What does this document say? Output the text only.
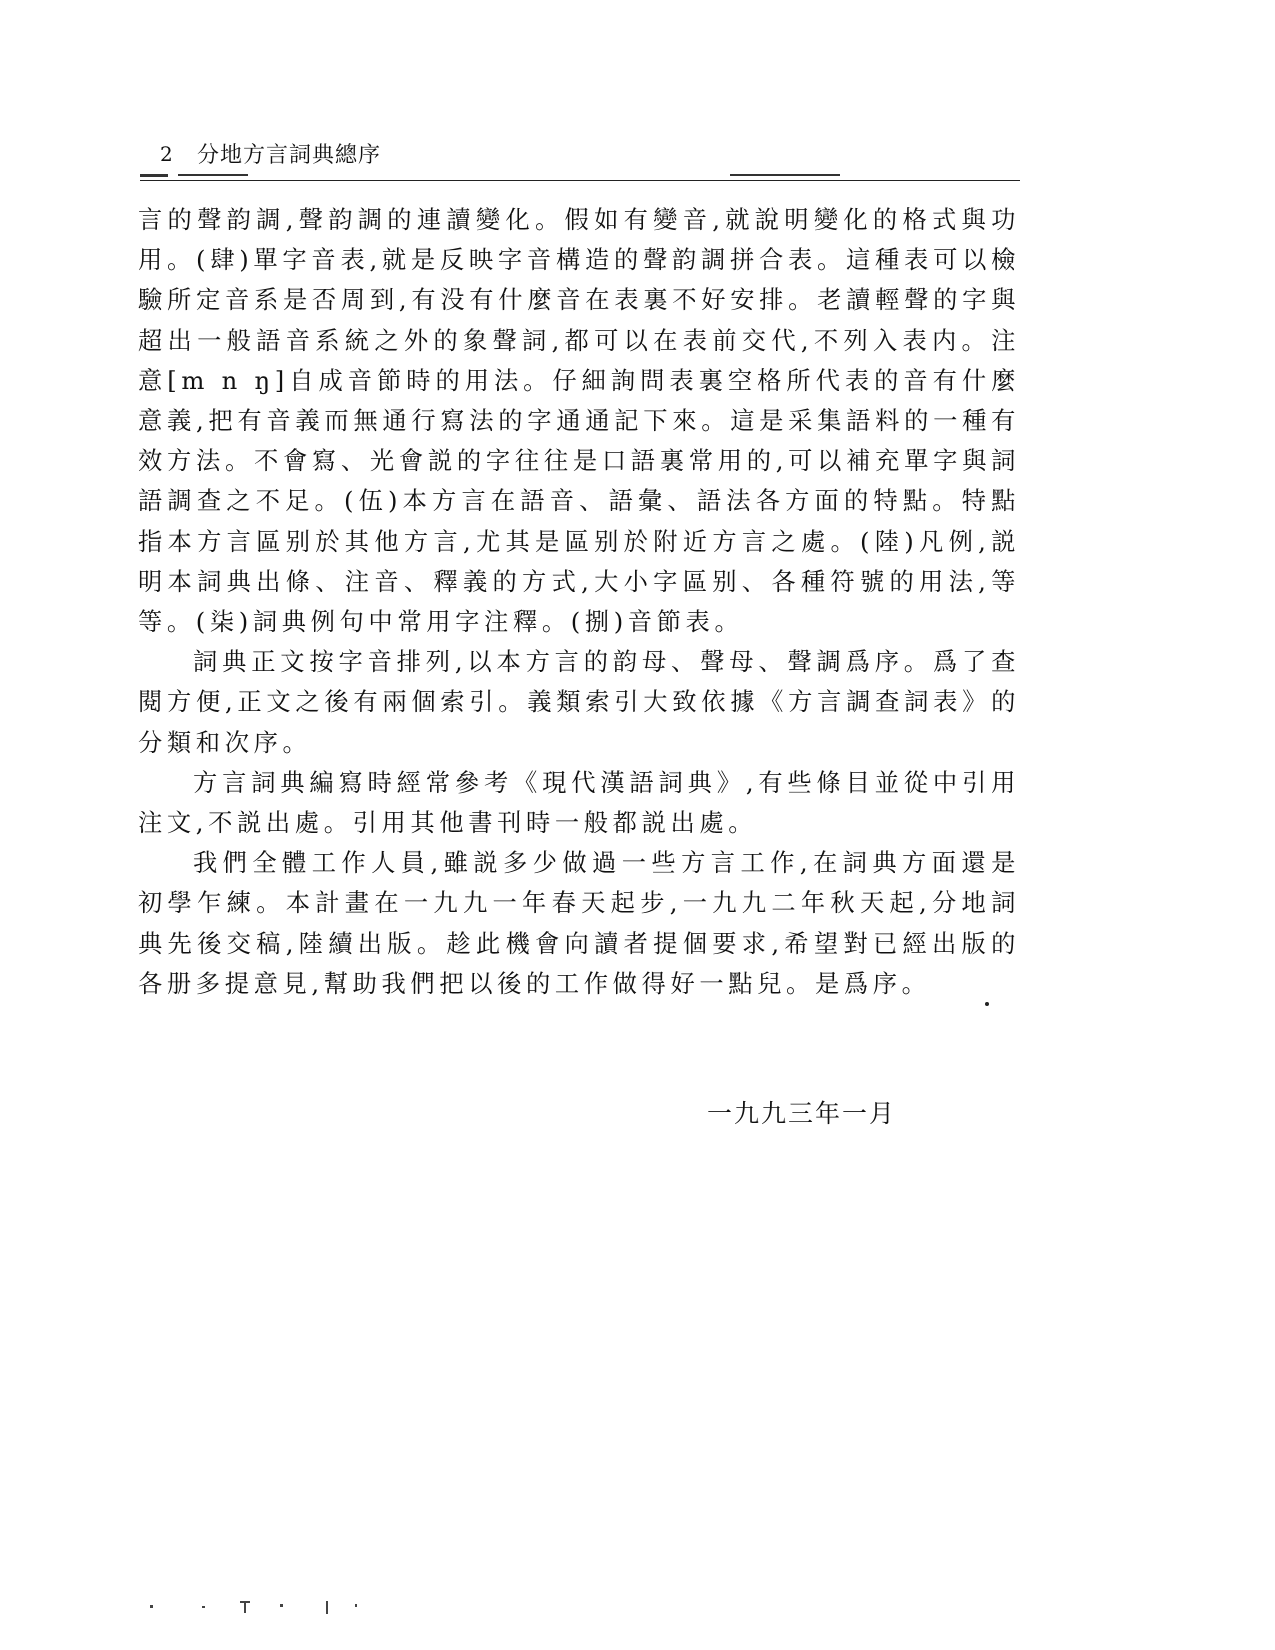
2 分地方言詞典總序

言的聲韵調,聲韵調的連讀變化。假如有變音,就說明變化的格式與功用。(肆)單字音表,就是反映字音構造的聲韵調拼合表。這種表可以檢驗所定音系是否周到,有没有什麼音在表裏不好安排。老讀輕聲的字與超出一般語音系統之外的象聲詞,都可以在表前交代,不列入表内。注意[m n ŋ]自成音節時的用法。仔細詢問表裏空格所代表的音有什麼意義,把有音義而無通行寫法的字通通記下來。這是采集語料的一種有效方法。不會寫、光會説的字往往是口語裏常用的,可以補充單字與詞語調查之不足。(伍)本方言在語音、語彙、語法各方面的特點。特點指本方言區别於其他方言,尤其是區别於附近方言之處。(陸)凡例,説明本詞典出條、注音、釋義的方式,大小字區别、各種符號的用法,等等。(柒)詞典例句中常用字注釋。(捌)音節表。

詞典正文按字音排列,以本方言的韵母、聲母、聲調爲序。爲了查閱方便,正文之後有兩個索引。義類索引大致依據《方言調查詞表》的分類和次序。

方言詞典編寫時經常參考《現代漢語詞典》,有些條目並從中引用注文,不説出處。引用其他書刊時一般都説出處。

我們全體工作人員,雖説多少做過一些方言工作,在詞典方面還是初學乍練。本計畫在一九九一年春天起步,一九九二年秋天起,分地詞典先後交稿,陸續出版。趁此機會向讀者提個要求,希望對已經出版的各册多提意見,幫助我們把以後的工作做得好一點兒。是爲序。

一九九三年一月
